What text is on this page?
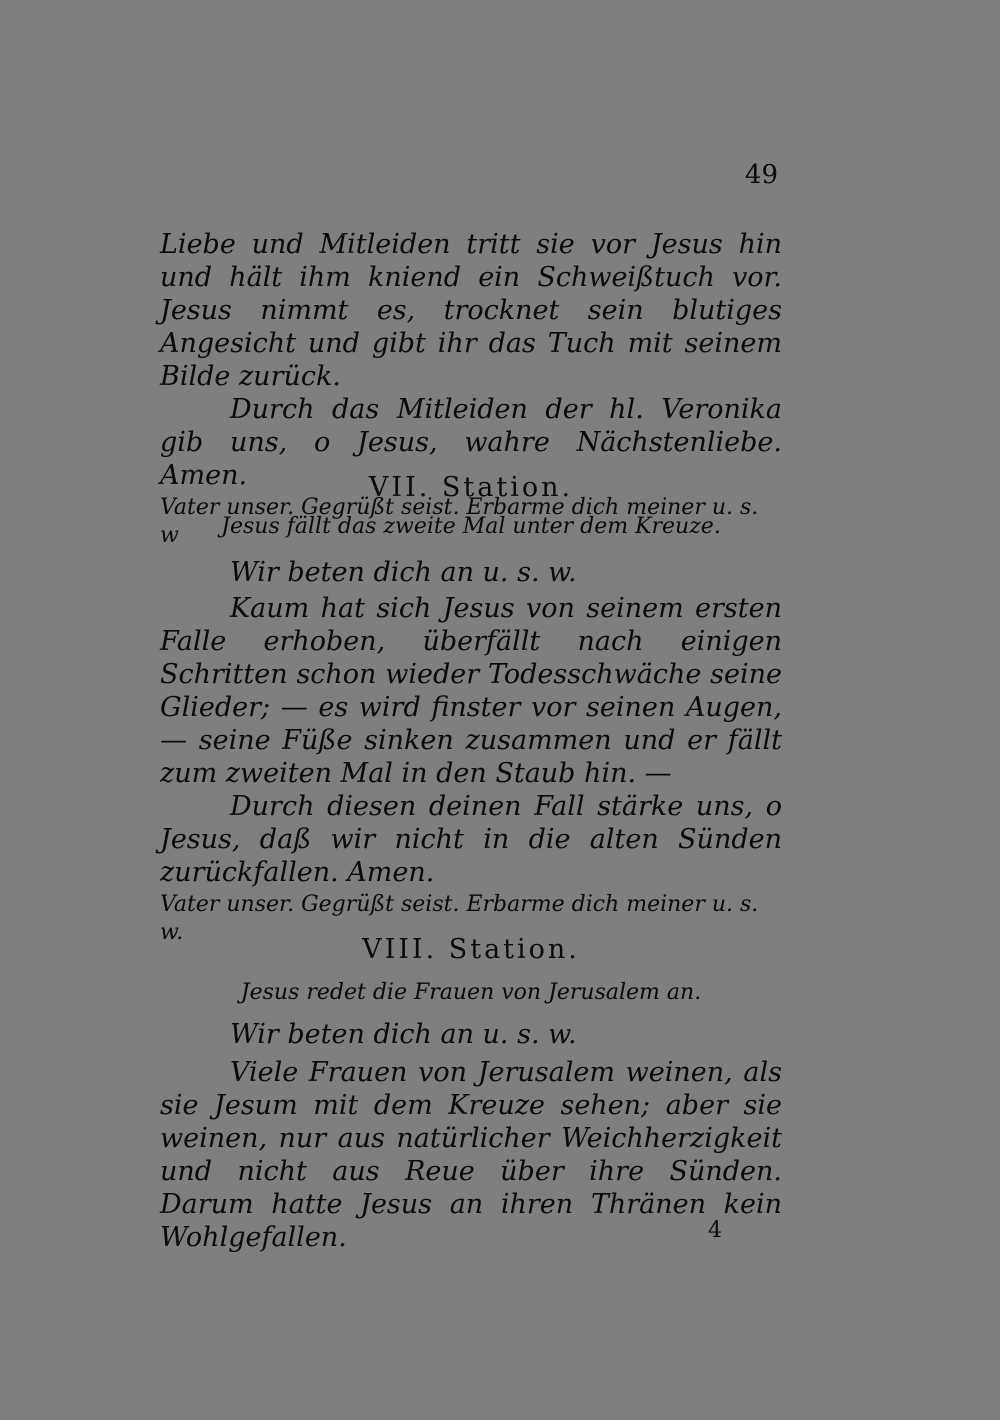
49

Liebe und Mitleiden tritt sie vor Jesus hin und hält ihm kniend ein Schweißtuch vor. Jesus nimmt es, trocknet sein blutiges Angesicht und gibt ihr das Tuch mit seinem Bilde zurück.

Durch das Mitleiden der hl. Veronika gib uns, o Jesus, wahre Nächstenliebe. Amen.

Vater unser. Gegrüßt seist. Erbarme dich meiner u. s. w

VII. Station.
Jesus fällt das zweite Mal unter dem Kreuze.

Wir beten dich an u. s. w.

Kaum hat sich Jesus von seinem ersten Falle erhoben, überfällt nach einigen Schritten schon wieder Todesschwäche seine Glieder; — es wird finster vor seinen Augen, — seine Füße sinken zusammen und er fällt zum zweiten Mal in den Staub hin. —

Durch diesen deinen Fall stärke uns, o Jesus, daß wir nicht in die alten Sünden zurückfallen. Amen.

Vater unser. Gegrüßt seist. Erbarme dich meiner u. s. w.

VIII. Station.
Jesus redet die Frauen von Jerusalem an.

Wir beten dich an u. s. w.

Viele Frauen von Jerusalem weinen, als sie Jesum mit dem Kreuze sehen; aber sie weinen, nur aus natürlicher Weichherzigkeit und nicht aus Reue über ihre Sünden. Darum hatte Jesus an ihren Thränen kein Wohlgefallen.	4
